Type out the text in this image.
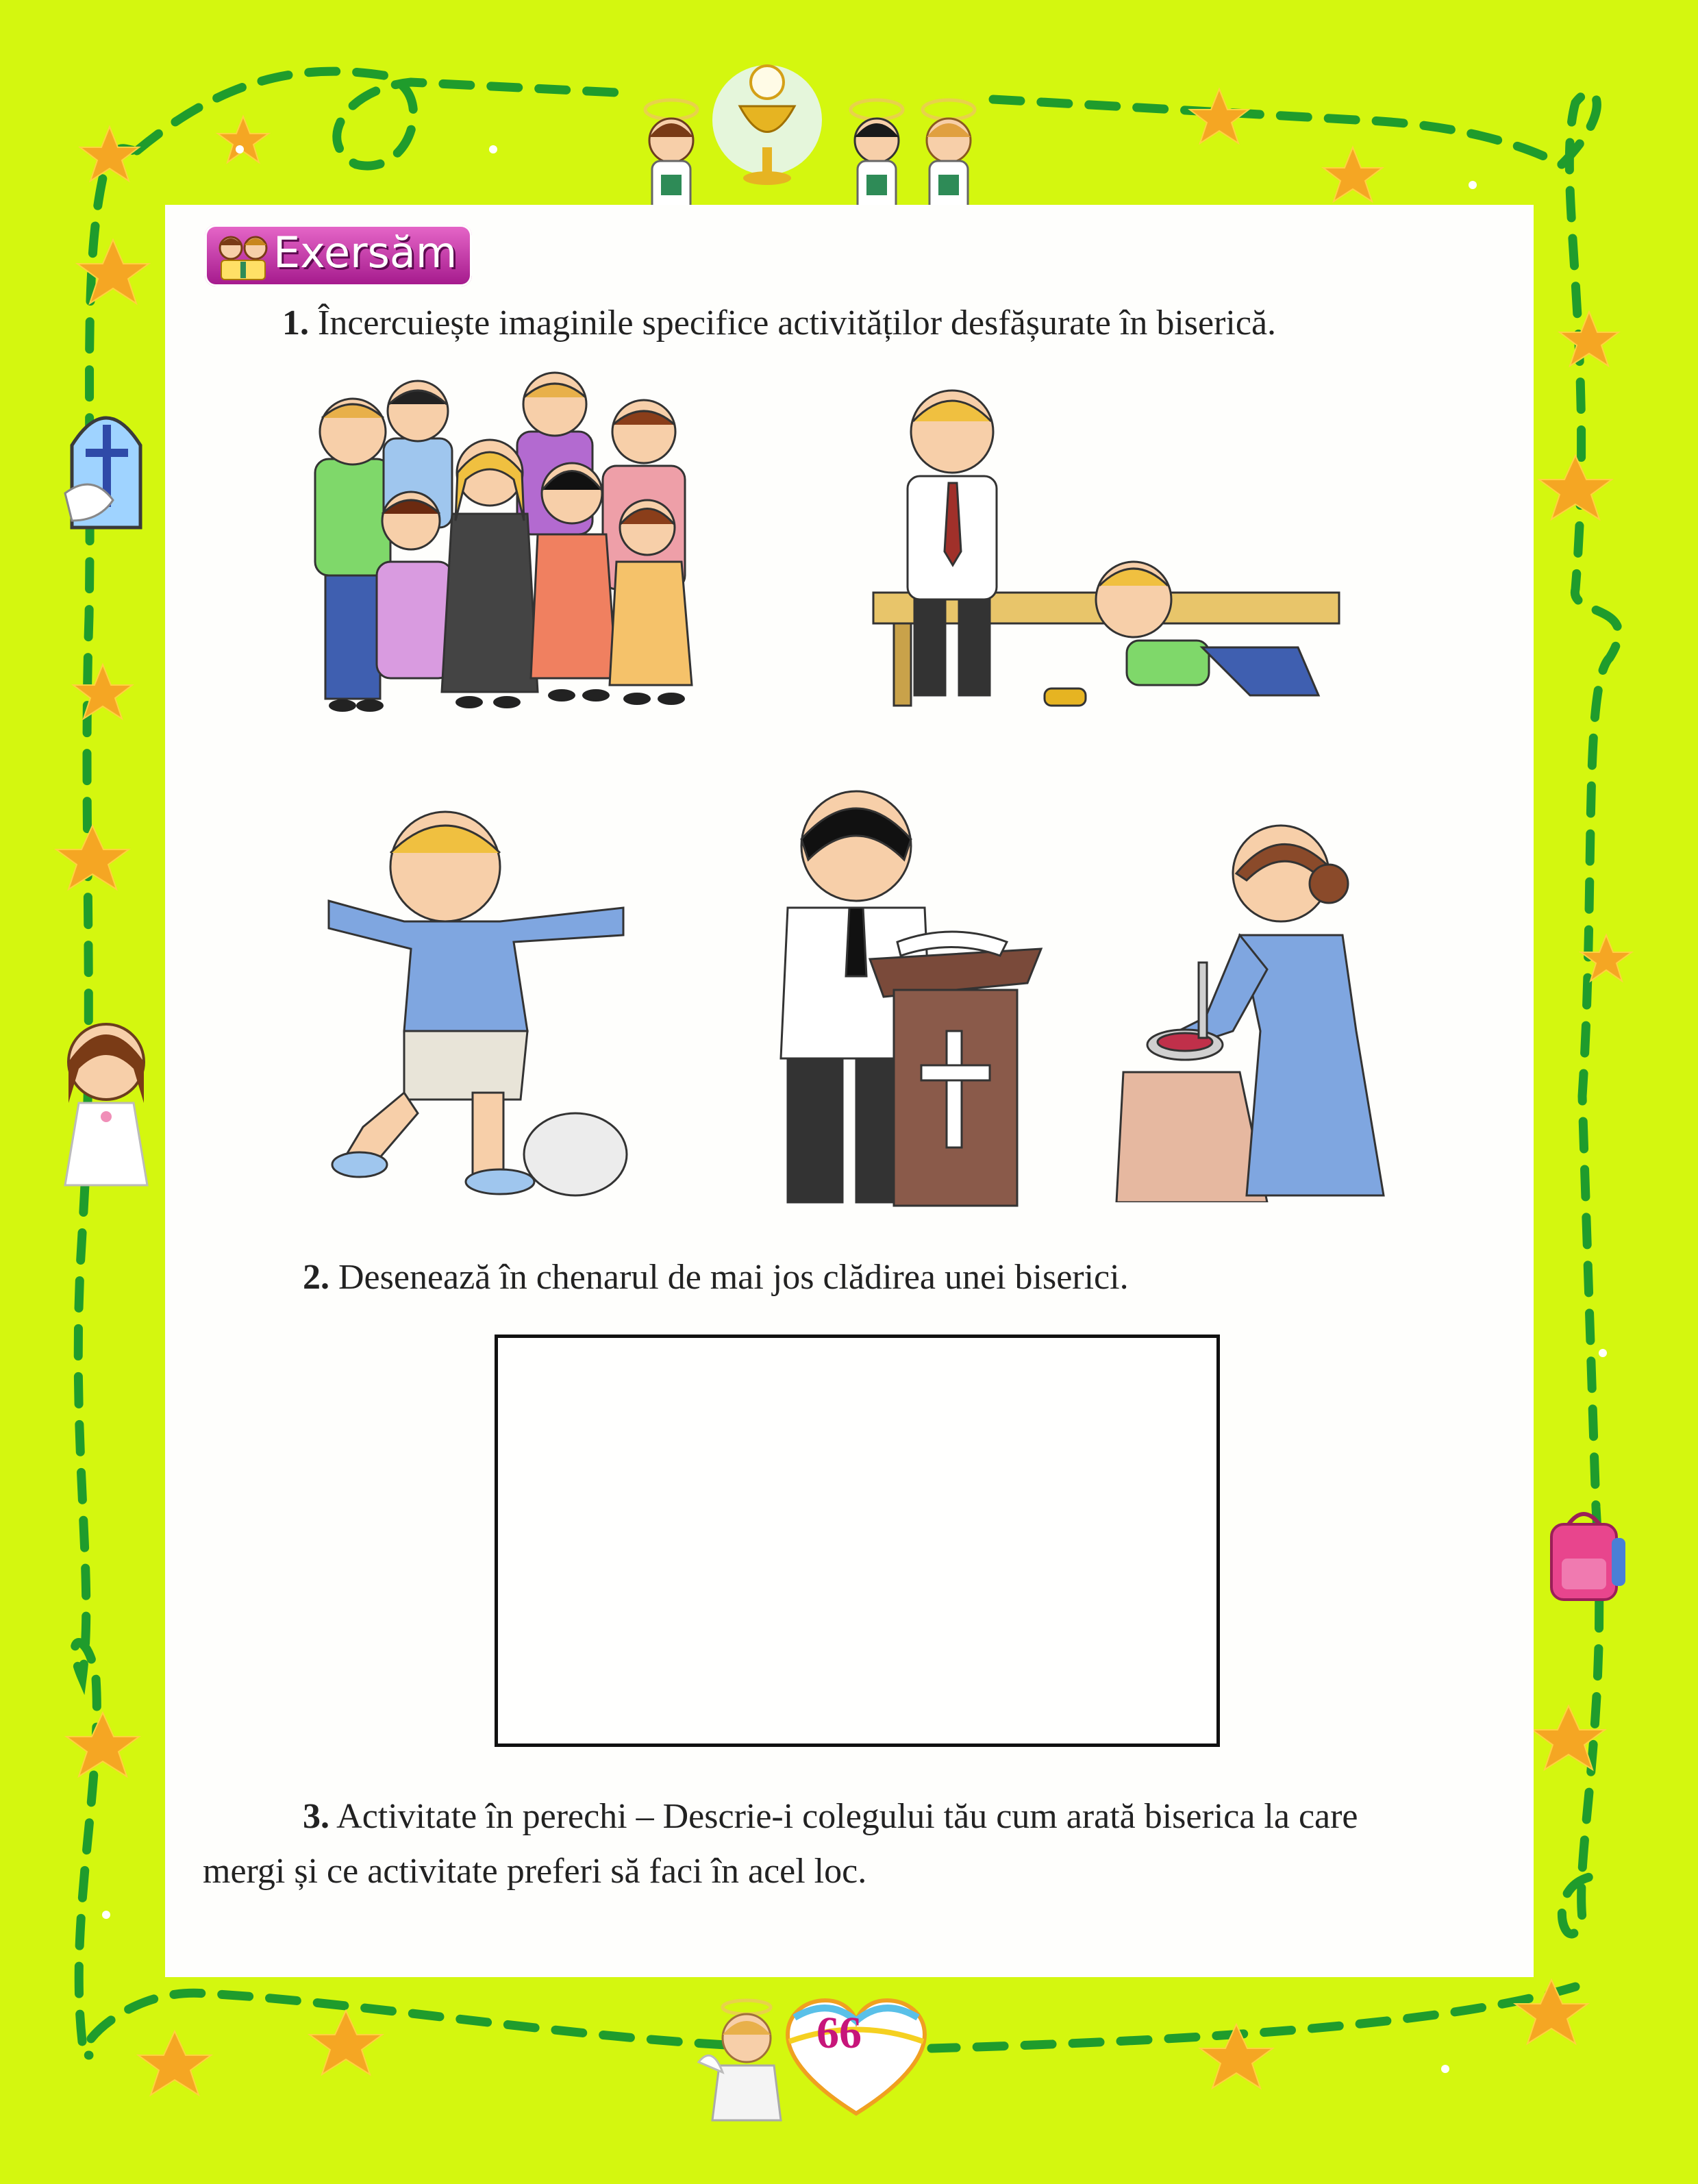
Exersăm
1. Încercuiește imaginile specifice activităților desfășurate în biserică.
2. Desenează în chenarul de mai jos clădirea unei biserici.
3. Activitate în perechi – Descrie-i colegului tău cum arată biserica la care
mergi și ce activitate preferi să faci în acel loc.
66
